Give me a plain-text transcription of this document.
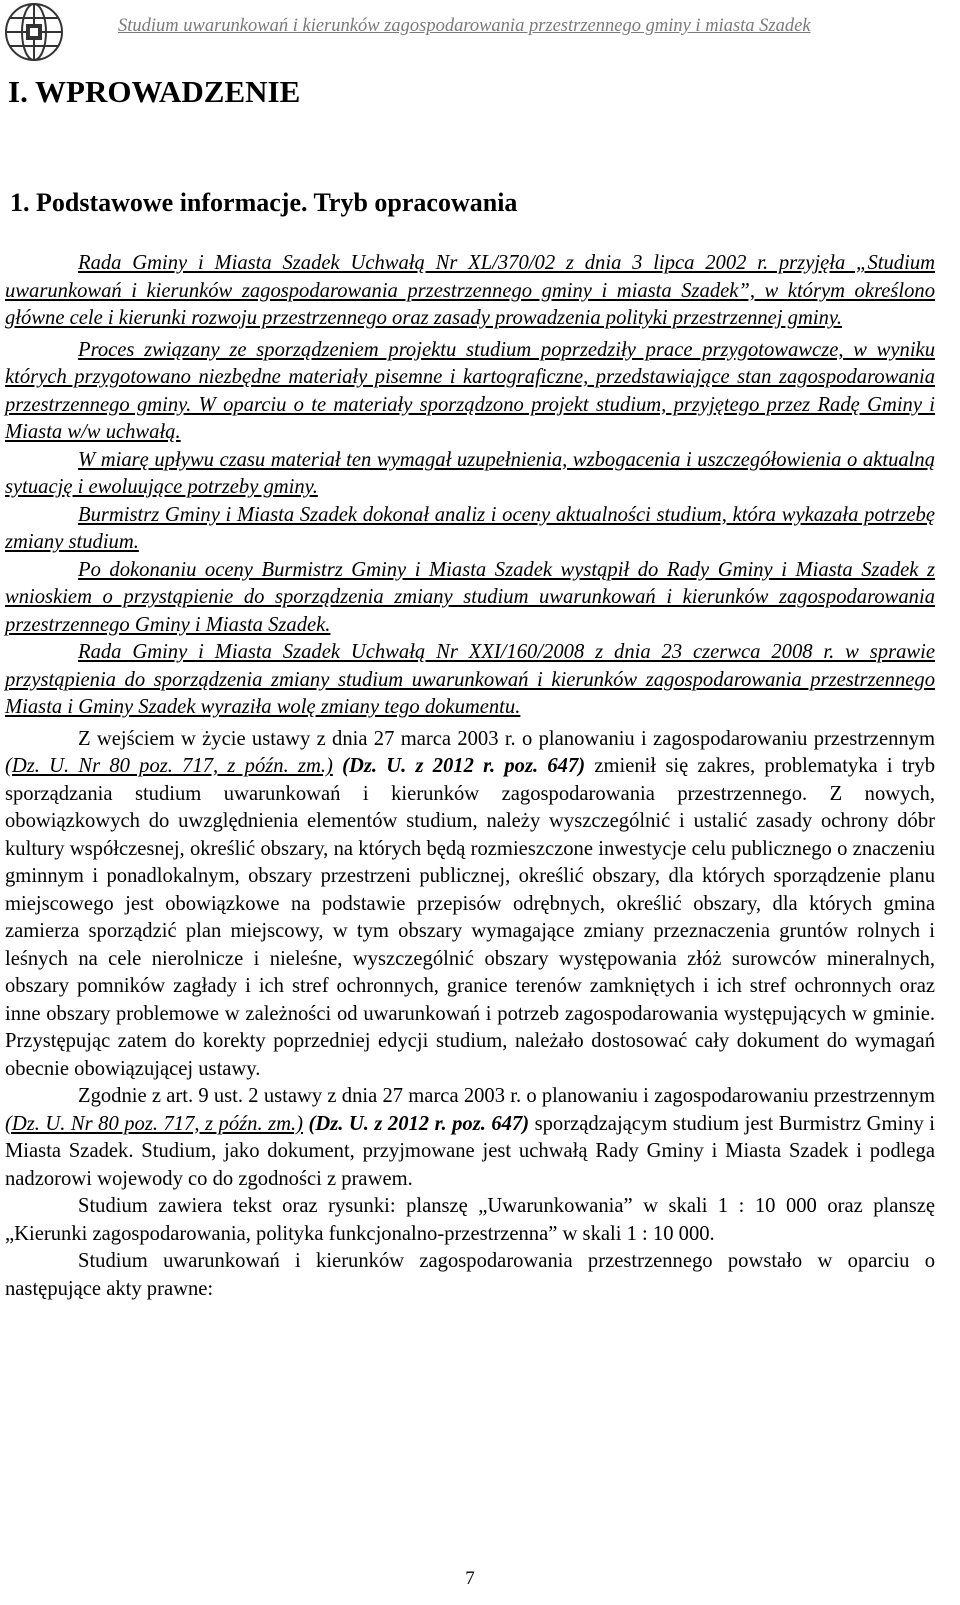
Studium uwarunkowań i kierunków zagospodarowania przestrzennego gminy i miasta Szadek
I. WPROWADZENIE
1. Podstawowe informacje. Tryb opracowania

Rada Gminy i Miasta Szadek Uchwałą Nr XL/370/02 z dnia 3 lipca 2002 r. przyjęła „Studium uwarunkowań i kierunków zagospodarowania przestrzennego gminy i miasta Szadek”, w którym określono główne cele i kierunki rozwoju przestrzennego oraz zasady prowadzenia polityki przestrzennej gminy.

Proces związany ze sporządzeniem projektu studium poprzedziły prace przygotowawcze, w wyniku których przygotowano niezbędne materiały pisemne i kartograficzne, przedstawiające stan zagospodarowania przestrzennego gminy. W oparciu o te materiały sporządzono projekt studium, przyjętego przez Radę Gminy i Miasta w/w uchwałą.

W miarę upływu czasu materiał ten wymagał uzupełnienia, wzbogacenia i uszczegółowienia o aktualną sytuację i ewoluujące potrzeby gminy.

Burmistrz Gminy i Miasta Szadek dokonał analiz i oceny aktualności studium, która wykazała potrzebę zmiany studium.

Po dokonaniu oceny Burmistrz Gminy i Miasta Szadek wystąpił do Rady Gminy i Miasta Szadek z wnioskiem o przystąpienie do sporządzenia zmiany studium uwarunkowań i kierunków zagospodarowania przestrzennego Gminy i Miasta Szadek.

Rada Gminy i Miasta Szadek Uchwałą Nr XXI/160/2008 z dnia 23 czerwca 2008 r. w sprawie przystąpienia do sporządzenia zmiany studium uwarunkowań i kierunków zagospodarowania przestrzennego Miasta i Gminy Szadek wyraziła wolę zmiany tego dokumentu.

Z wejściem w życie ustawy z dnia 27 marca 2003 r. o planowaniu i zagospodarowaniu przestrzennym (Dz. U. Nr 80 poz. 717, z późn. zm.) (Dz. U. z 2012 r. poz. 647) zmienił się zakres, problematyka i tryb sporządzania studium uwarunkowań i kierunków zagospodarowania przestrzennego. Z nowych, obowiązkowych do uwzględnienia elementów studium, należy wyszczególnić i ustalić zasady ochrony dóbr kultury współczesnej, określić obszary, na których będą rozmieszczone inwestycje celu publicznego o znaczeniu gminnym i ponadlokalnym, obszary przestrzeni publicznej, określić obszary, dla których sporządzenie planu miejscowego jest obowiązkowe na podstawie przepisów odrębnych, określić obszary, dla których gmina zamierza sporządzić plan miejscowy, w tym obszary wymagające zmiany przeznaczenia gruntów rolnych i leśnych na cele nierolnicze i nieleśne, wyszczególnić obszary występowania złóż surowców mineralnych, obszary pomników zagłady i ich stref ochronnych, granice terenów zamkniętych i ich stref ochronnych oraz inne obszary problemowe w zależności od uwarunkowań i potrzeb zagospodarowania występujących w gminie. Przystępując zatem do korekty poprzedniej edycji studium, należało dostosować cały dokument do wymagań obecnie obowiązującej ustawy.

Zgodnie z art. 9 ust. 2 ustawy z dnia 27 marca 2003 r. o planowaniu i zagospodarowaniu przestrzennym (Dz. U. Nr 80 poz. 717, z późn. zm.) (Dz. U. z 2012 r. poz. 647) sporządzającym studium jest Burmistrz Gminy i Miasta Szadek. Studium, jako dokument, przyjmowane jest uchwałą Rady Gminy i Miasta Szadek i podlega nadzorowi wojewody co do zgodności z prawem.

Studium zawiera tekst oraz rysunki: planszę „Uwarunkowania” w skali 1 : 10 000 oraz planszę „Kierunki zagospodarowania, polityka funkcjonalno-przestrzenna” w skali 1 : 10 000.

Studium uwarunkowań i kierunków zagospodarowania przestrzennego powstało w oparciu o następujące akty prawne:

7
